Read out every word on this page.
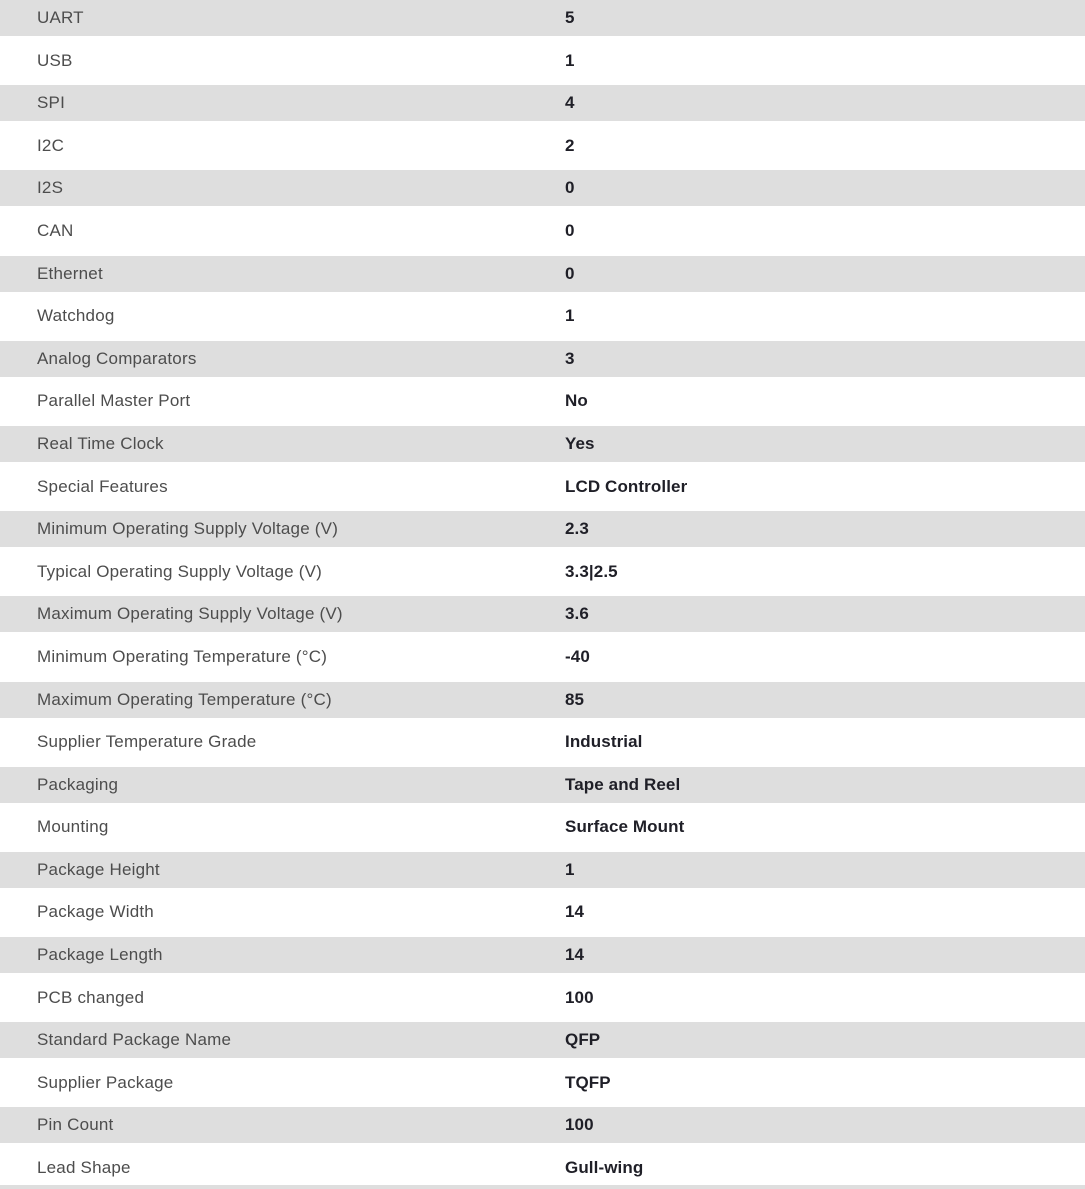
UART	5
USB	1
SPI	4
I2C	2
I2S	0
CAN	0
Ethernet	0
Watchdog	1
Analog Comparators	3
Parallel Master Port	No
Real Time Clock	Yes
Special Features	LCD Controller
Minimum Operating Supply Voltage (V)	2.3
Typical Operating Supply Voltage (V)	3.3|2.5
Maximum Operating Supply Voltage (V)	3.6
Minimum Operating Temperature (°C)	-40
Maximum Operating Temperature (°C)	85
Supplier Temperature Grade	Industrial
Packaging	Tape and Reel
Mounting	Surface Mount
Package Height	1
Package Width	14
Package Length	14
PCB changed	100
Standard Package Name	QFP
Supplier Package	TQFP
Pin Count	100
Lead Shape	Gull-wing
